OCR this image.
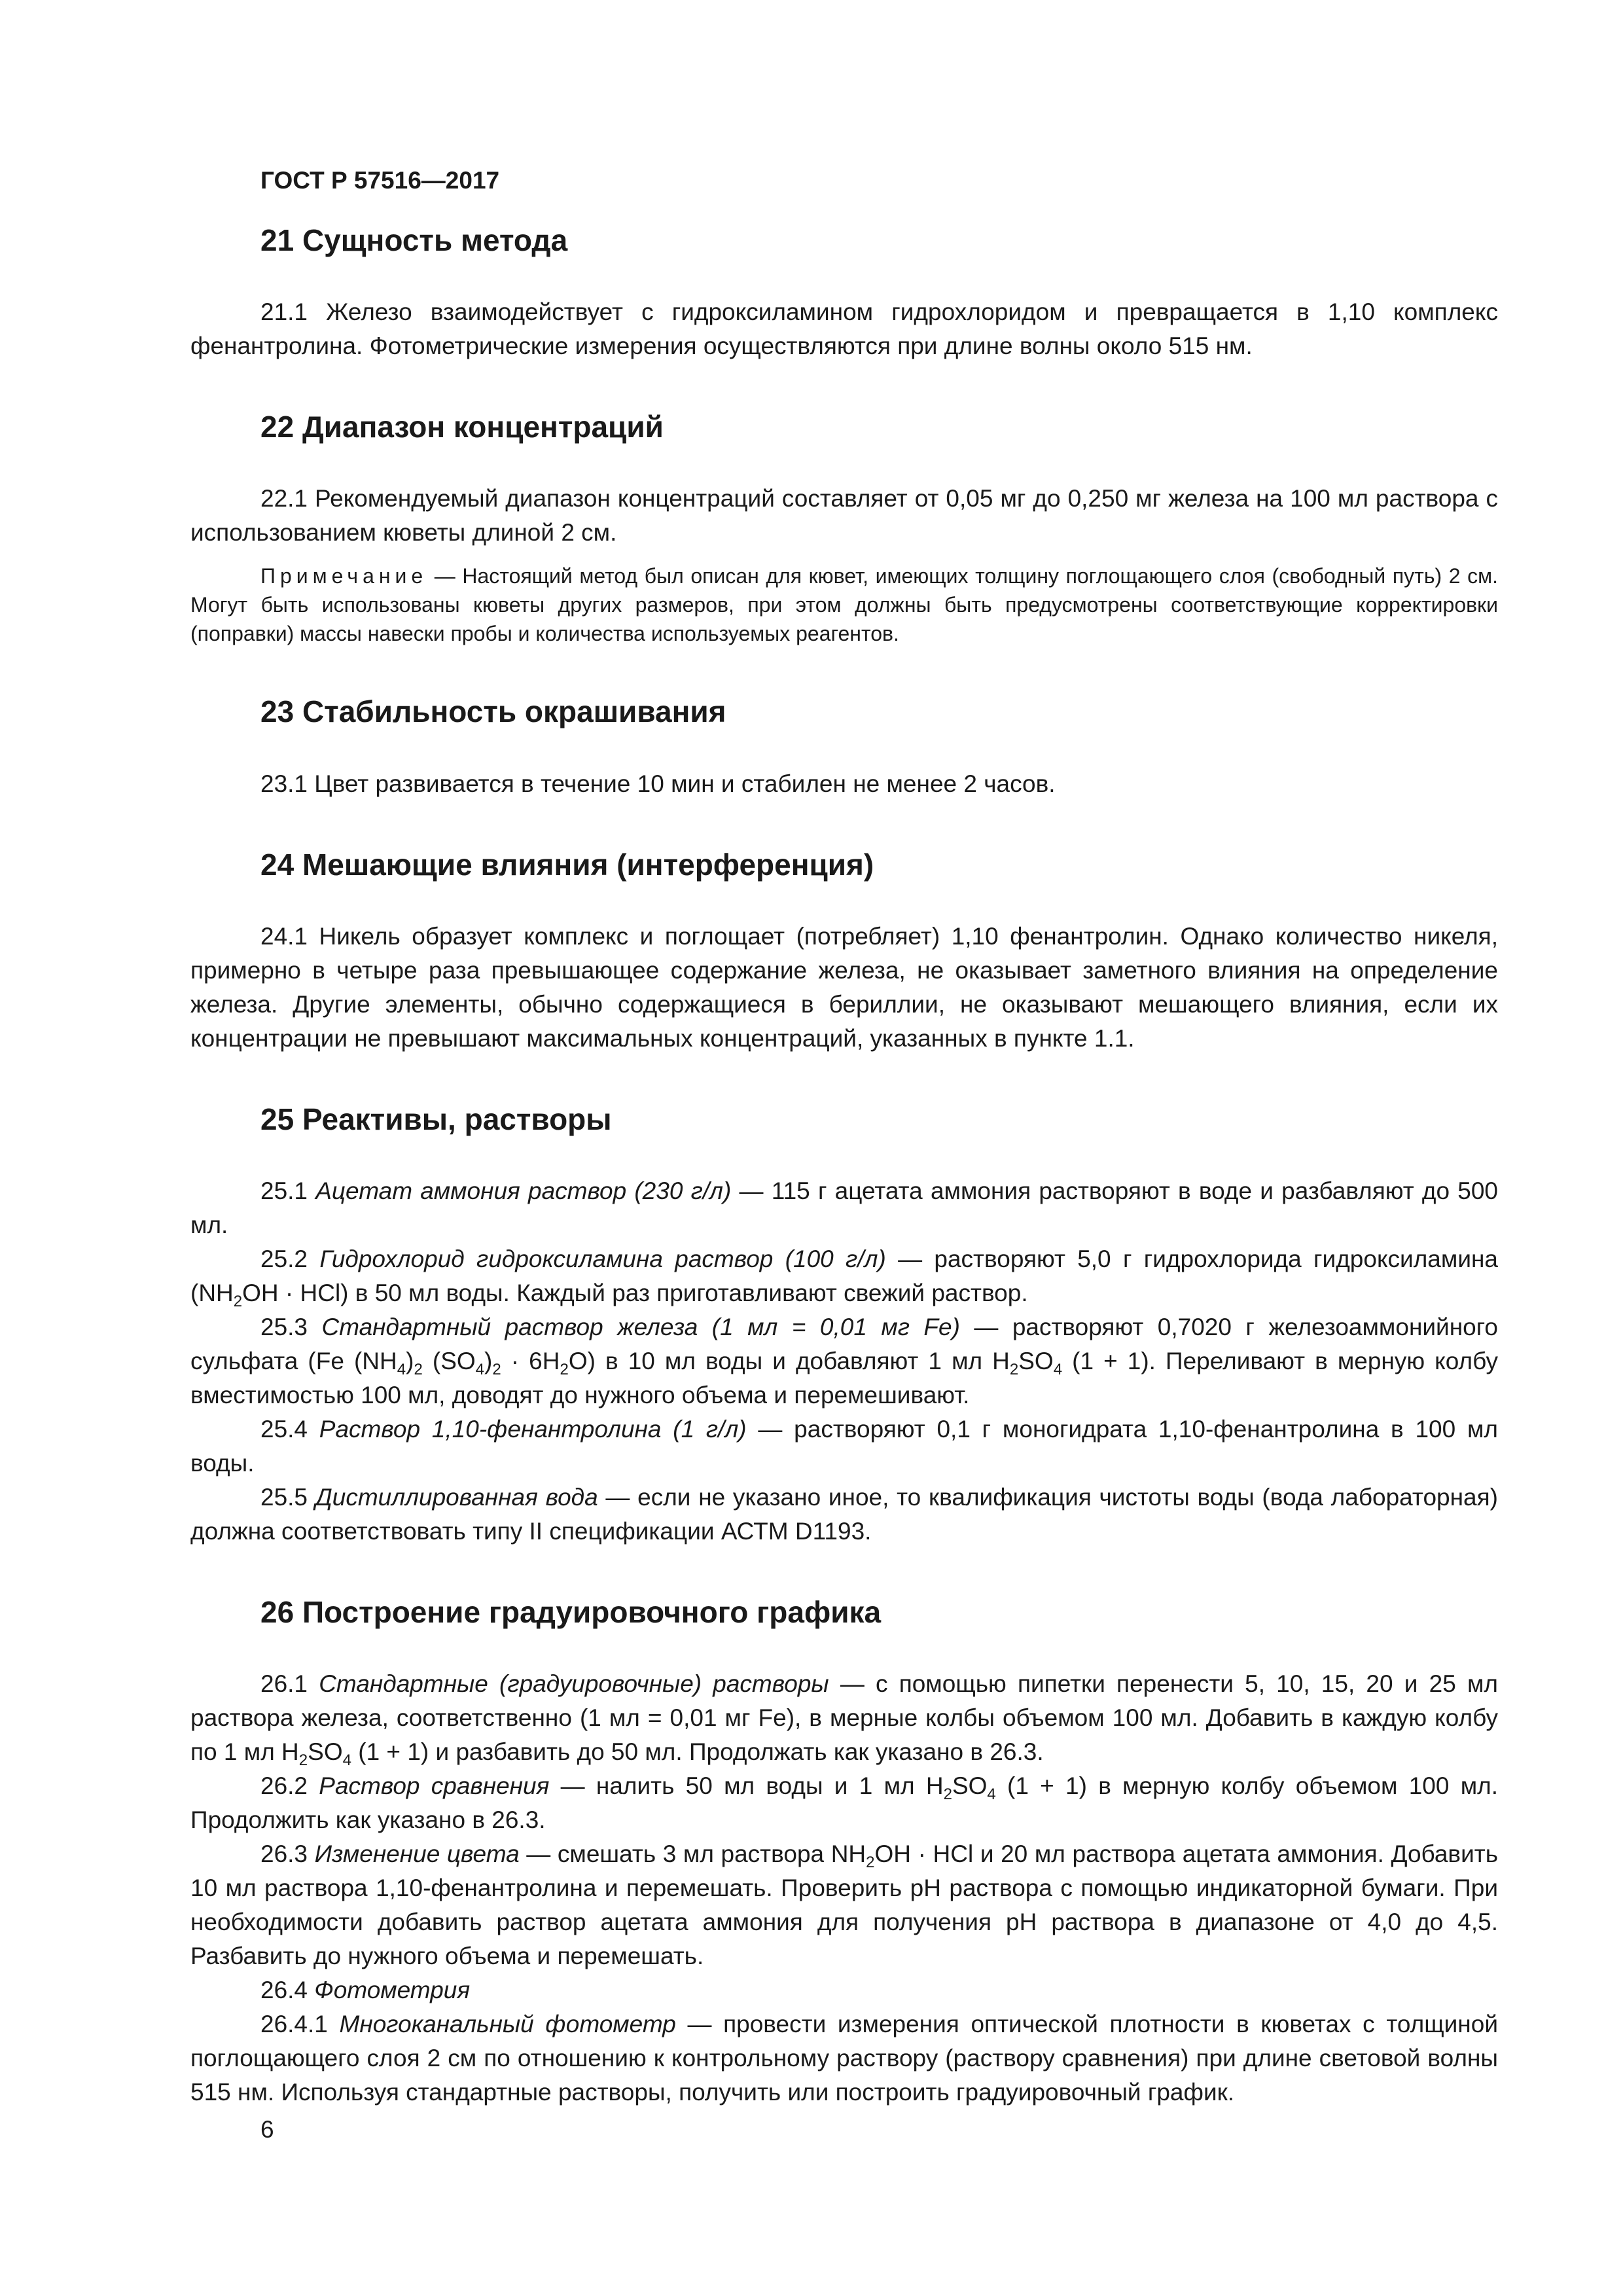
ГОСТ Р 57516—2017

21 Сущность метода

21.1 Железо взаимодействует с гидроксиламином гидрохлоридом и превращается в 1,10 комплекс фенантролина. Фотометрические измерения осуществляются при длине волны около 515 нм.

22 Диапазон концентраций

22.1 Рекомендуемый диапазон концентраций составляет от 0,05 мг до 0,250 мг железа на 100 мл раствора с использованием кюветы длиной 2 см.

Примечание — Настоящий метод был описан для кювет, имеющих толщину поглощающего слоя (свободный путь) 2 см. Могут быть использованы кюветы других размеров, при этом должны быть предусмотрены соответствующие корректировки (поправки) массы навески пробы и количества используемых реагентов.

23 Стабильность окрашивания

23.1 Цвет развивается в течение 10 мин и стабилен не менее 2 часов.

24 Мешающие влияния (интерференция)

24.1 Никель образует комплекс и поглощает (потребляет) 1,10 фенантролин. Однако количество никеля, примерно в четыре раза превышающее содержание железа, не оказывает заметного влияния на определение железа. Другие элементы, обычно содержащиеся в бериллии, не оказывают мешающего влияния, если их концентрации не превышают максимальных концентраций, указанных в пункте 1.1.

25 Реактивы, растворы

25.1 Ацетат аммония раствор (230 г/л) — 115 г ацетата аммония растворяют в воде и разбавляют до 500 мл.

25.2 Гидрохлорид гидроксиламина раствор (100 г/л) — растворяют 5,0 г гидрохлорида гидроксиламина $(NH_2OH \cdot HCl)$ в 50 мл воды. Каждый раз приготавливают свежий раствор.

25.3 Стандартный раствор железа (1 мл = 0,01 мг Fe) — растворяют 0,7020 г железоаммонийного сульфата (Fe $(NH_4)_2$ $(SO_4)_2 \cdot 6H_2O$) в 10 мл воды и добавляют 1 мл $H_2SO_4$ (1 + 1). Переливают в мерную колбу вместимостью 100 мл, доводят до нужного объема и перемешивают.

25.4 Раствор 1,10-фенантролина (1 г/л) — растворяют 0,1 г моногидрата 1,10-фенантролина в 100 мл воды.

25.5 Дистиллированная вода — если не указано иное, то квалификация чистоты воды (вода лабораторная) должна соответствовать типу II спецификации АСТМ D1193.

26 Построение градуировочного графика

26.1 Стандартные (градуировочные) растворы — с помощью пипетки перенести 5, 10, 15, 20 и 25 мл раствора железа, соответственно (1 мл = 0,01 мг Fe), в мерные колбы объемом 100 мл. Добавить в каждую колбу по 1 мл $H_2SO_4$ (1 + 1) и разбавить до 50 мл. Продолжать как указано в 26.3.

26.2 Раствор сравнения — налить 50 мл воды и 1 мл $H_2SO_4$ (1 + 1) в мерную колбу объемом 100 мл. Продолжить как указано в 26.3.

26.3 Изменение цвета — смешать 3 мл раствора $NH_2OH$ · HCl и 20 мл раствора ацетата аммония. Добавить 10 мл раствора 1,10-фенантролина и перемешать. Проверить pH раствора с помощью индикаторной бумаги. При необходимости добавить раствор ацетата аммония для получения pH раствора в диапазоне от 4,0 до 4,5. Разбавить до нужного объема и перемешать.

26.4 Фотометрия

26.4.1 Многоканальный фотометр — провести измерения оптической плотности в кюветах с толщиной поглощающего слоя 2 см по отношению к контрольному раствору (раствору сравнения) при длине световой волны 515 нм. Используя стандартные растворы, получить или построить градуировочный график.

6
